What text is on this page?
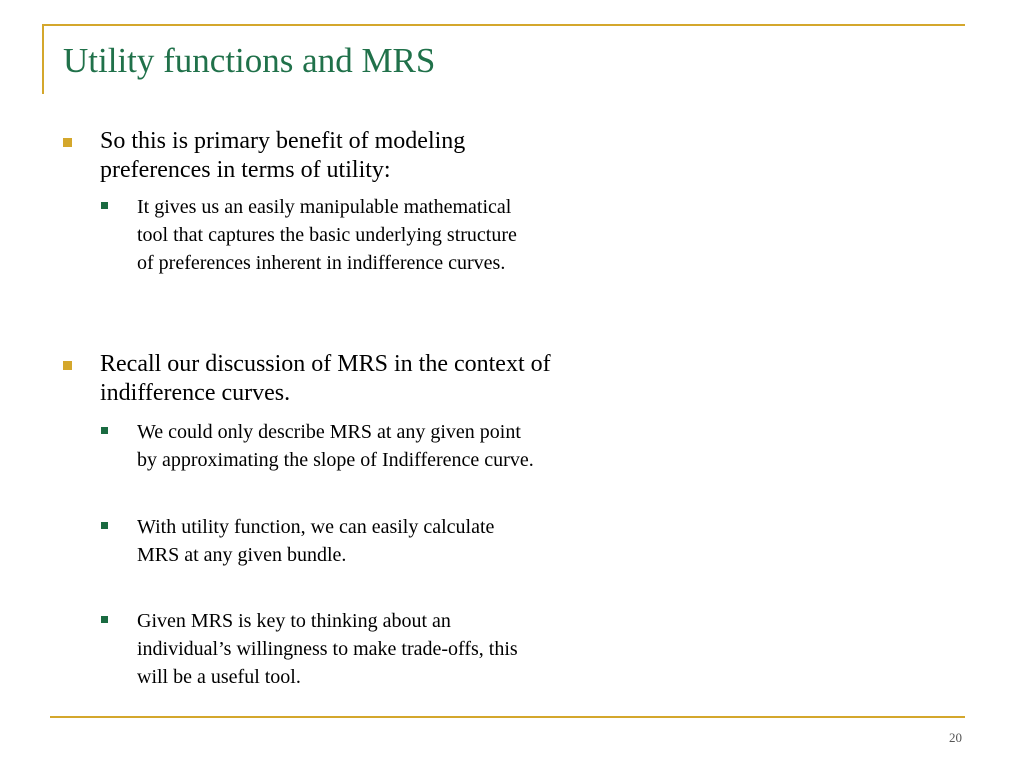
Utility functions and MRS
So this is primary benefit of modeling
preferences in terms of utility:
It gives us an easily manipulable mathematical
tool that captures the basic underlying structure
of preferences inherent in indifference curves.
Recall our discussion of MRS in the context of
indifference curves.
We could only describe MRS at any given point
by approximating the slope of Indifference curve.
With utility function, we can easily calculate
MRS at any given bundle.
Given MRS is key to thinking about an
individual’s willingness to make trade-offs, this
will be a useful tool.
20
